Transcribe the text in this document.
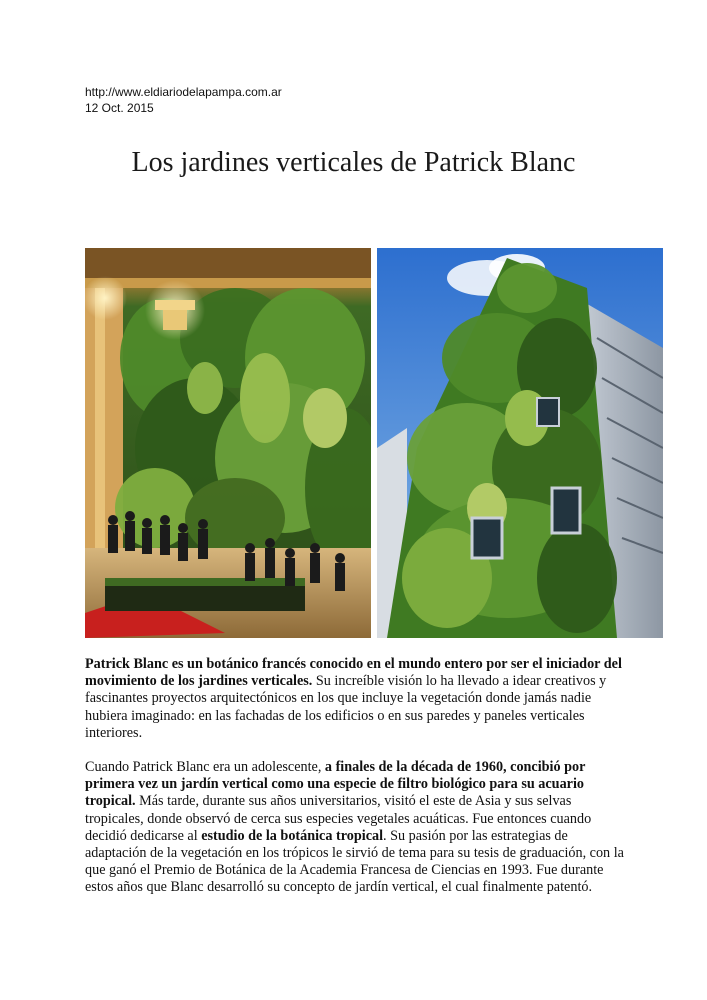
http://www.eldiariodelapampa.com.ar
12 Oct. 2015
Los jardines verticales de Patrick Blanc

Patrick Blanc es un botánico francés conocido en el mundo entero por ser el iniciador del movimiento de los jardines verticales. Su increíble visión lo ha llevado a idear creativos y fascinantes proyectos arquitectónicos en los que incluye la vegetación donde jamás nadie hubiera imaginado: en las fachadas de los edificios o en sus paredes y paneles verticales interiores.

Cuando Patrick Blanc era un adolescente, a finales de la década de 1960, concibió por primera vez un jardín vertical como una especie de filtro biológico para su acuario tropical. Más tarde, durante sus años universitarios, visitó el este de Asia y sus selvas tropicales, donde observó de cerca sus especies vegetales acuáticas. Fue entonces cuando decidió dedicarse al estudio de la botánica tropical. Su pasión por las estrategias de adaptación de la vegetación en los trópicos le sirvió de tema para su tesis de graduación, con la que ganó el Premio de Botánica de la Academia Francesa de Ciencias en 1993. Fue durante estos años que Blanc desarrolló su concepto de jardín vertical, el cual finalmente patentó.
